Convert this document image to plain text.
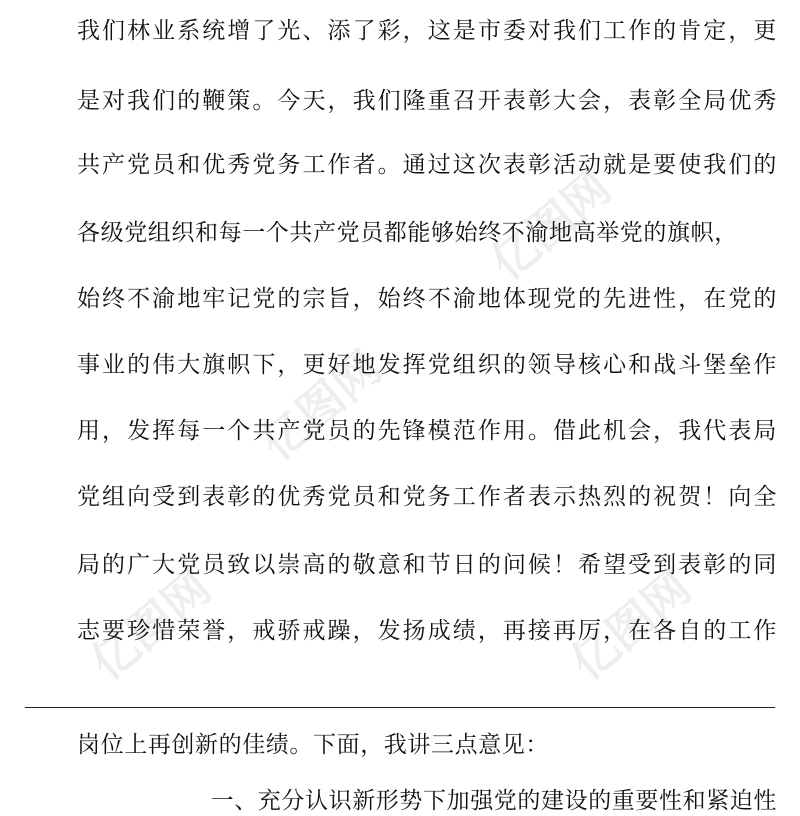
亿图网
亿图网
亿图网	亿图网
我们林业系统增了光、添了彩，这是市委对我们工作的肯定，更
是对我们的鞭策。今天，我们隆重召开表彰大会，表彰全局优秀
共产党员和优秀党务工作者。通过这次表彰活动就是要使我们的
各级党组织和每一个共产党员都能够始终不渝地高举党的旗帜，
始终不渝地牢记党的宗旨，始终不渝地体现党的先进性，在党的
事业的伟大旗帜下，更好地发挥党组织的领导核心和战斗堡垒作
用，发挥每一个共产党员的先锋模范作用。借此机会，我代表局
党组向受到表彰的优秀党员和党务工作者表示热烈的祝贺！向全
局的广大党员致以崇高的敬意和节日的问候！希望受到表彰的同
志要珍惜荣誉，戒骄戒躁，发扬成绩，再接再厉，在各自的工作
岗位上再创新的佳绩。下面，我讲三点意见：
一、充分认识新形势下加强党的建设的重要性和紧迫性
